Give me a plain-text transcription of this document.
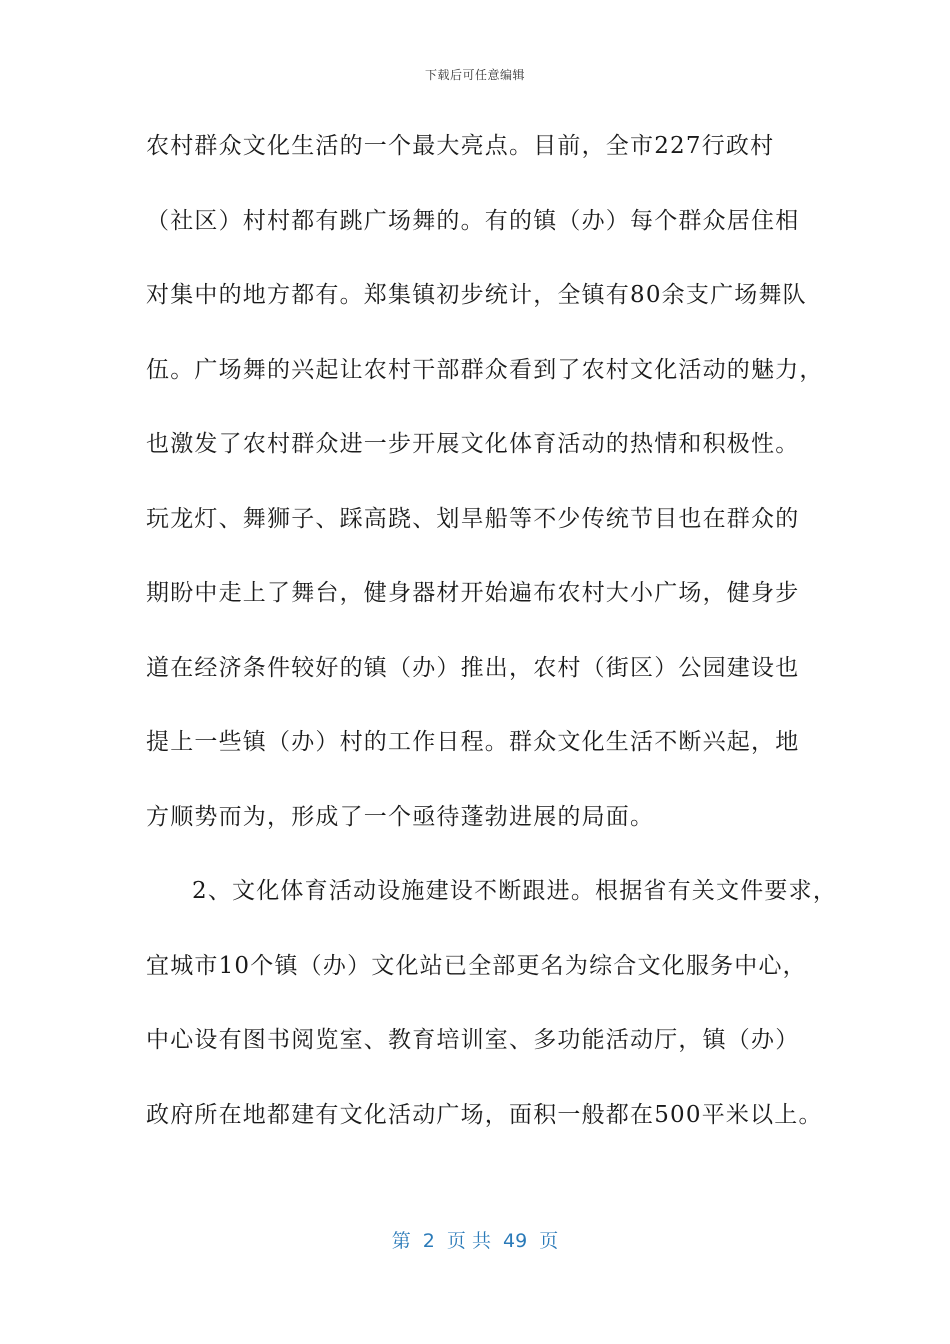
下载后可任意编辑
农村群众文化生活的一个最大亮点。目前，全市227行政村
（社区）村村都有跳广场舞的。有的镇（办）每个群众居住相
对集中的地方都有。郑集镇初步统计，全镇有80余支广场舞队
伍。广场舞的兴起让农村干部群众看到了农村文化活动的魅力，
也激发了农村群众进一步开展文化体育活动的热情和积极性。
玩龙灯、舞狮子、踩高跷、划旱船等不少传统节目也在群众的
期盼中走上了舞台，健身器材开始遍布农村大小广场，健身步
道在经济条件较好的镇（办）推出，农村（街区）公园建设也
提上一些镇（办）村的工作日程。群众文化生活不断兴起，地
方顺势而为，形成了一个亟待蓬勃进展的局面。
2、文化体育活动设施建设不断跟进。根据省有关文件要求，
宜城市10个镇（办）文化站已全部更名为综合文化服务中心，
中心设有图书阅览室、教育培训室、多功能活动厅，镇（办）
政府所在地都建有文化活动广场，面积一般都在500平米以上。
第  2  页 共  49  页
